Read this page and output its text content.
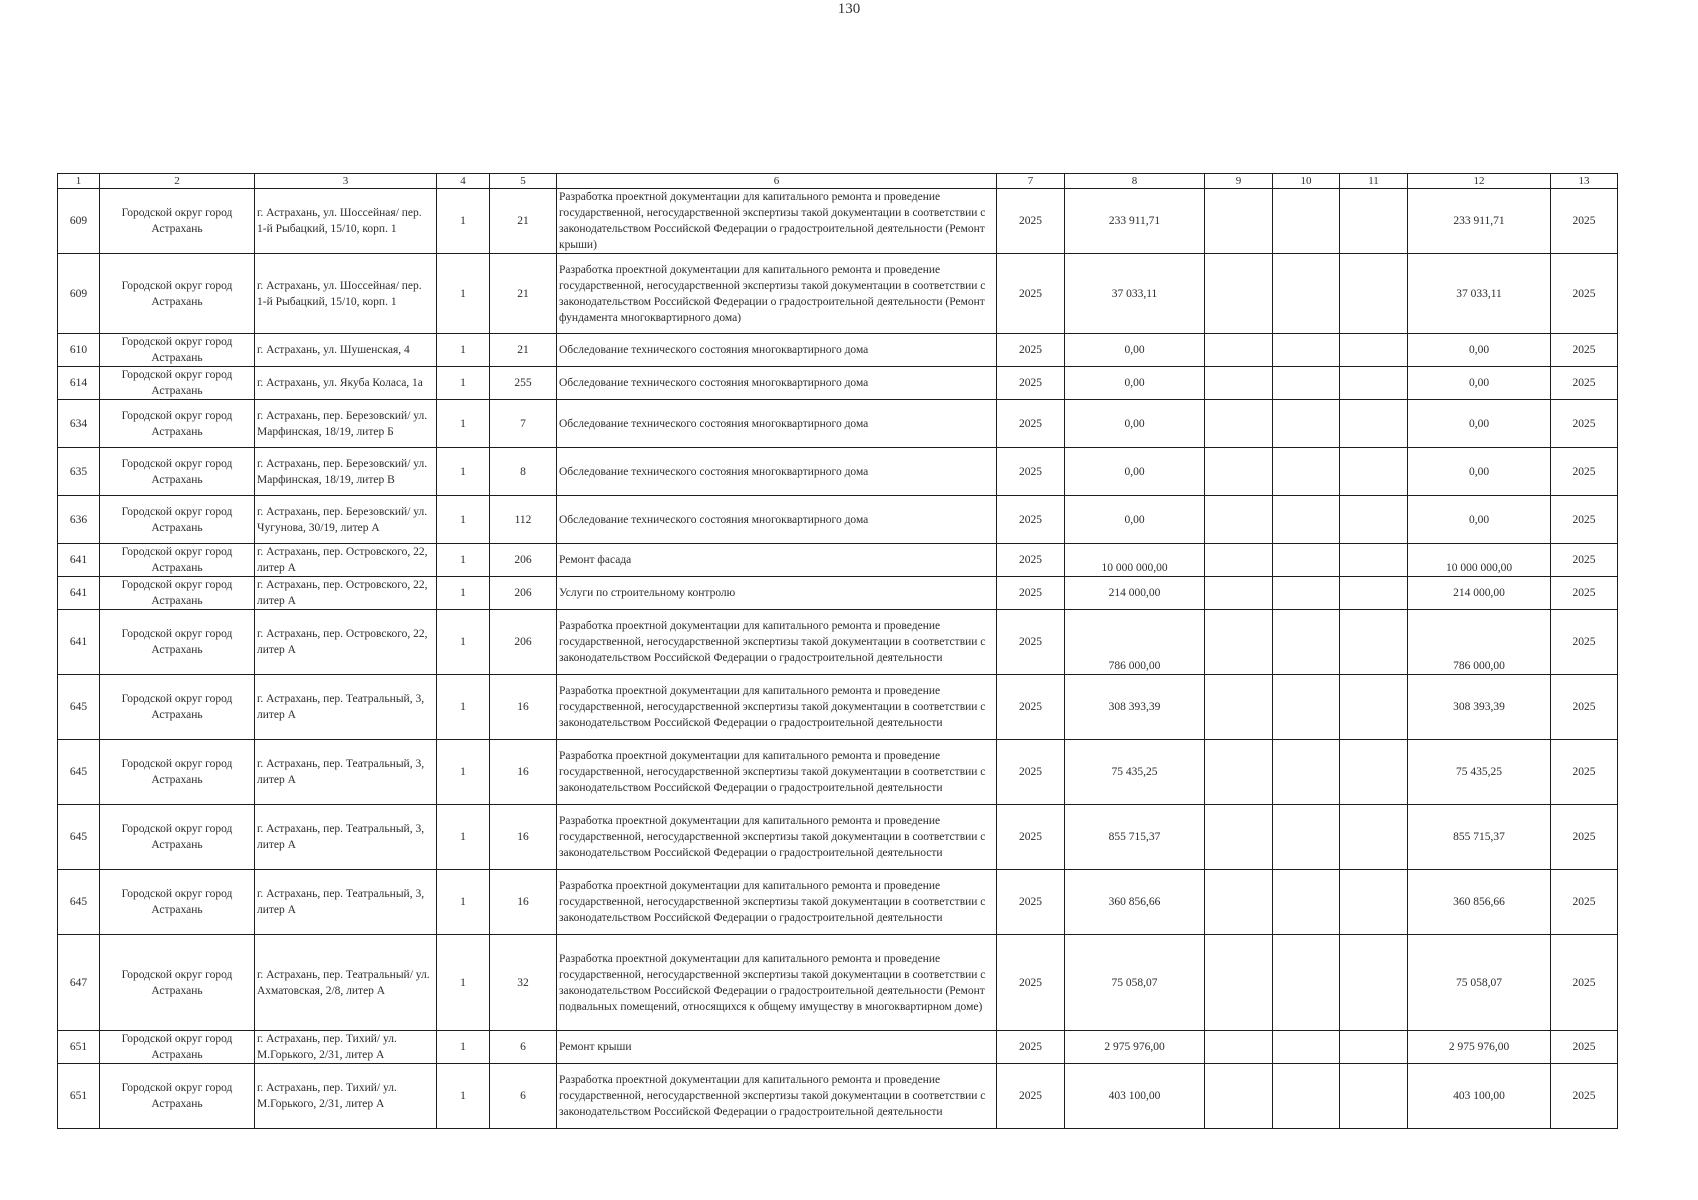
130
1	2	3	4	5	6	7	8	9	10	11	12	13
609	Городской округ город Астрахань	г. Астрахань, ул. Шоссейная/ пер. 1-й Рыбацкий, 15/10, корп. 1	1	21	Разработка проектной документации для капитального ремонта и проведение государственной, негосударственной экспертизы такой документации в соответствии с законодательством Российской Федерации о градостроительной деятельности (Ремонт крыши)	2025	233 911,71				233 911,71	2025
609	Городской округ город Астрахань	г. Астрахань, ул. Шоссейная/ пер. 1-й Рыбацкий, 15/10, корп. 1	1	21	Разработка проектной документации для капитального ремонта и проведение государственной, негосударственной экспертизы такой документации в соответствии с законодательством Российской Федерации о градостроительной деятельности (Ремонт фундамента многоквартирного дома)	2025	37 033,11				37 033,11	2025
610	Городской округ город Астрахань	г. Астрахань, ул. Шушенская, 4	1	21	Обследование технического состояния многоквартирного дома	2025	0,00				0,00	2025
614	Городской округ город Астрахань	г. Астрахань, ул. Якуба Коласа, 1а	1	255	Обследование технического состояния многоквартирного дома	2025	0,00				0,00	2025
634	Городской округ город Астрахань	г. Астрахань, пер. Березовский/ ул. Марфинская, 18/19, литер Б	1	7	Обследование технического состояния многоквартирного дома	2025	0,00				0,00	2025
635	Городской округ город Астрахань	г. Астрахань, пер. Березовский/ ул. Марфинская, 18/19, литер В	1	8	Обследование технического состояния многоквартирного дома	2025	0,00				0,00	2025
636	Городской округ город Астрахань	г. Астрахань, пер. Березовский/ ул. Чугунова, 30/19, литер А	1	112	Обследование технического состояния многоквартирного дома	2025	0,00				0,00	2025
641	Городской округ город Астрахань	г. Астрахань, пер. Островского, 22, литер А	1	206	Ремонт фасада	2025	10 000 000,00				10 000 000,00	2025
641	Городской округ город Астрахань	г. Астрахань, пер. Островского, 22, литер А	1	206	Услуги по строительному контролю	2025	214 000,00				214 000,00	2025
641	Городской округ город Астрахань	г. Астрахань, пер. Островского, 22, литер А	1	206	Разработка проектной документации для капитального ремонта и проведение государственной, негосударственной экспертизы такой документации в соответствии с законодательством Российской Федерации о градостроительной деятельности	2025	786 000,00				786 000,00	2025
645	Городской округ город Астрахань	г. Астрахань, пер. Театральный, 3, литер А	1	16	Разработка проектной документации для капитального ремонта и проведение государственной, негосударственной экспертизы такой документации в соответствии с законодательством Российской Федерации о градостроительной деятельности	2025	308 393,39				308 393,39	2025
645	Городской округ город Астрахань	г. Астрахань, пер. Театральный, 3, литер А	1	16	Разработка проектной документации для капитального ремонта и проведение государственной, негосударственной экспертизы такой документации в соответствии с законодательством Российской Федерации о градостроительной деятельности	2025	75 435,25				75 435,25	2025
645	Городской округ город Астрахань	г. Астрахань, пер. Театральный, 3, литер А	1	16	Разработка проектной документации для капитального ремонта и проведение государственной, негосударственной экспертизы такой документации в соответствии с законодательством Российской Федерации о градостроительной деятельности	2025	855 715,37				855 715,37	2025
645	Городской округ город Астрахань	г. Астрахань, пер. Театральный, 3, литер А	1	16	Разработка проектной документации для капитального ремонта и проведение государственной, негосударственной экспертизы такой документации в соответствии с законодательством Российской Федерации о градостроительной деятельности	2025	360 856,66				360 856,66	2025
647	Городской округ город Астрахань	г. Астрахань, пер. Театральный/ ул. Ахматовская, 2/8, литер А	1	32	Разработка проектной документации для капитального ремонта и проведение государственной, негосударственной экспертизы такой документации в соответствии с законодательством Российской Федерации о градостроительной деятельности (Ремонт подвальных помещений, относящихся к общему имуществу в многоквартирном доме)	2025	75 058,07				75 058,07	2025
651	Городской округ город Астрахань	г. Астрахань, пер. Тихий/ ул. М.Горького, 2/31, литер А	1	6	Ремонт крыши	2025	2 975 976,00				2 975 976,00	2025
651	Городской округ город Астрахань	г. Астрахань, пер. Тихий/ ул. М.Горького, 2/31, литер А	1	6	Разработка проектной документации для капитального ремонта и проведение государственной, негосударственной экспертизы такой документации в соответствии с законодательством Российской Федерации о градостроительной деятельности	2025	403 100,00				403 100,00	2025
